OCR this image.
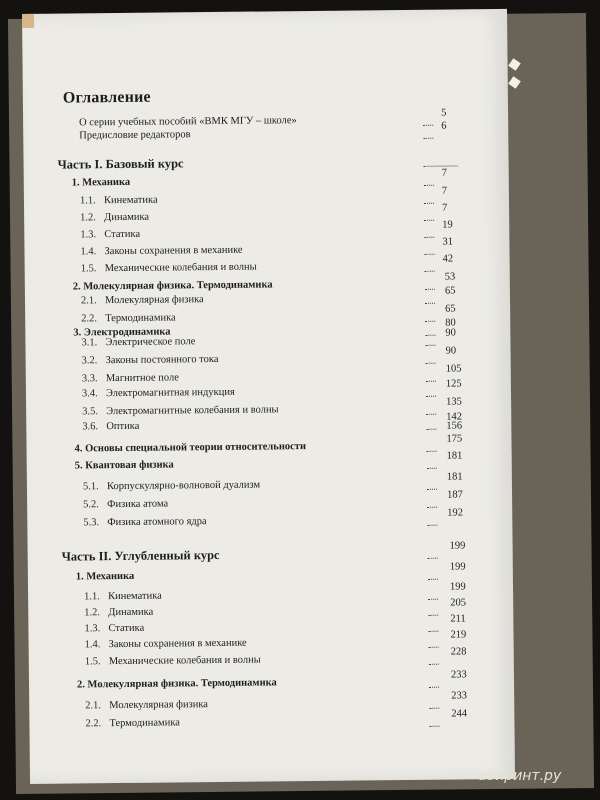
Оглавление
О серии учебных пособий «ВМК МГУ – школе»
5
Предисловие редакторов
6
Часть I. Базовый курс
1. Механика
7
1.1. Кинематика
7
1.2. Динамика
7
1.3. Статика
19
1.4. Законы сохранения в механике
31
1.5. Механические колебания и волны
42
2. Молекулярная физика. Термодинамика
53
2.1. Молекулярная физика
65
2.2. Термодинамика
65
3. Электродинамика
80
3.1. Электрическое поле
90
3.2. Законы постоянного тока
90
3.3. Магнитное поле
105
3.4. Электромагнитная индукция
125
3.5. Электромагнитные колебания и волны
135
3.6. Оптика
142
156
4. Основы специальной теории относительности
175
5. Квантовая физика
181
5.1. Корпускулярно-волновой дуализм
181
5.2. Физика атома
187
5.3. Физика атомного ядра
192
Часть II. Углубленный курс
199
1. Механика
199
1.1. Кинематика
199
1.2. Динамика
205
1.3. Статика
211
1.4. Законы сохранения в механике
219
1.5. Механические колебания и волны
228
2. Молекулярная физика. Термодинамика
233
2.1. Молекулярная физика
233
2.2. Термодинамика
244
абиринт.ру
